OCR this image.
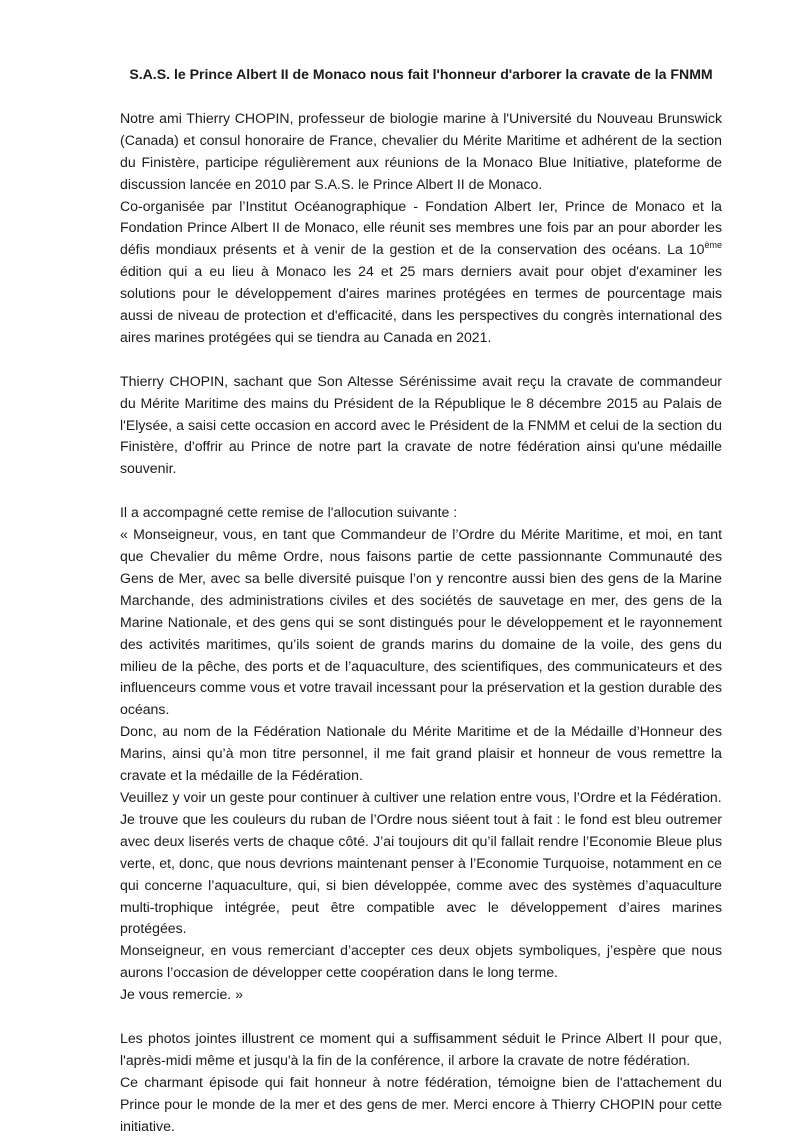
S.A.S. le Prince Albert II de Monaco nous fait l'honneur d'arborer la cravate de la FNMM

Notre ami Thierry CHOPIN, professeur de biologie marine à l'Université du Nouveau Brunswick (Canada) et consul honoraire de France, chevalier du Mérite Maritime et adhérent de la section du Finistère, participe régulièrement aux réunions de la Monaco Blue Initiative, plateforme de discussion lancée en 2010 par S.A.S. le Prince Albert II de Monaco.

Co-organisée par l’Institut Océanographique - Fondation Albert Ier, Prince de Monaco et la Fondation Prince Albert II de Monaco, elle réunit ses membres une fois par an pour aborder les défis mondiaux présents et à venir de la gestion et de la conservation des océans. La 10ème édition qui a eu lieu à Monaco les 24 et 25 mars derniers avait pour objet d'examiner les solutions pour le développement d'aires marines protégées en termes de pourcentage mais aussi de niveau de protection et d'efficacité, dans les perspectives du congrès international des aires marines protégées qui se tiendra au Canada en 2021.

Thierry CHOPIN, sachant que Son Altesse Sérénissime avait reçu la cravate de commandeur du Mérite Maritime des mains du Président de la République le 8 décembre 2015 au Palais de l'Elysée, a saisi cette occasion en accord avec le Président de la FNMM et celui de la section du Finistère, d'offrir au Prince de notre part la cravate de notre fédération ainsi qu'une médaille souvenir.

Il a accompagné cette remise de l'allocution suivante :

« Monseigneur, vous, en tant que Commandeur de l’Ordre du Mérite Maritime, et moi, en tant que Chevalier du même Ordre, nous faisons partie de cette passionnante Communauté des Gens de Mer, avec sa belle diversité puisque l’on y rencontre aussi bien des gens de la Marine Marchande, des administrations civiles et des sociétés de sauvetage en mer, des gens de la Marine Nationale, et des gens qui se sont distingués pour le développement et le rayonnement des activités maritimes, qu’ils soient de grands marins du domaine de la voile, des gens du milieu de la pêche, des ports et de l’aquaculture, des scientifiques, des communicateurs et des influenceurs comme vous et votre travail incessant pour la préservation et la gestion durable des océans.

Donc, au nom de la Fédération Nationale du Mérite Maritime et de la Médaille d’Honneur des Marins, ainsi qu’à mon titre personnel, il me fait grand plaisir et honneur de vous remettre la cravate et la médaille de la Fédération.

Veuillez y voir un geste pour continuer à cultiver une relation entre vous, l’Ordre et la Fédération.

Je trouve que les couleurs du ruban de l’Ordre nous siéent tout à fait : le fond est bleu outremer avec deux liserés verts de chaque côté. J’ai toujours dit qu’il fallait rendre l’Economie Bleue plus verte, et, donc, que nous devrions maintenant penser à l’Economie Turquoise, notamment en ce qui concerne l’aquaculture, qui, si bien développée, comme avec des systèmes d’aquaculture multi-trophique intégrée, peut être compatible avec le développement d’aires marines protégées.

Monseigneur, en vous remerciant d’accepter ces deux objets symboliques, j’espère que nous aurons l’occasion de développer cette coopération dans le long terme.

Je vous remercie. »

Les photos jointes illustrent ce moment qui a suffisamment séduit le Prince Albert II pour que, l'après-midi même et jusqu'à la fin de la conférence, il arbore la cravate de notre fédération.

Ce charmant épisode qui fait honneur à notre fédération, témoigne bien de l'attachement du Prince pour le monde de la mer et des gens de mer. Merci encore à Thierry CHOPIN pour cette initiative.
